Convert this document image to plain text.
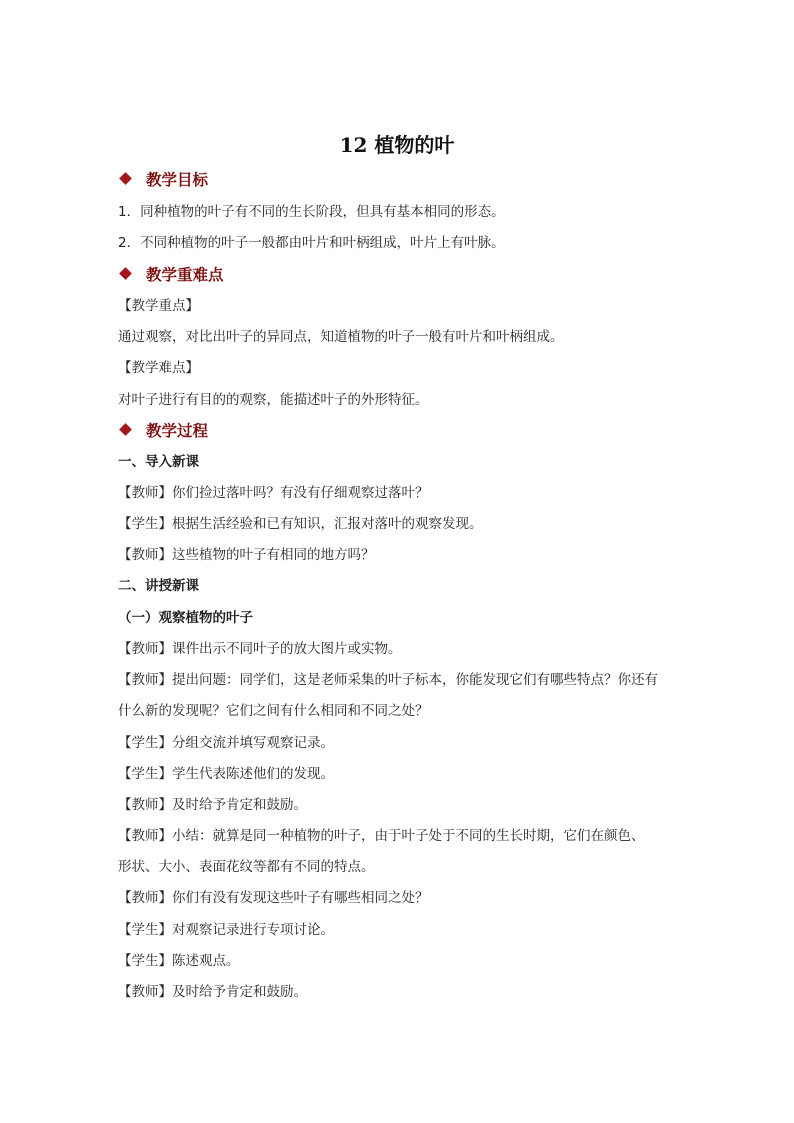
12 植物的叶
教学目标
1．同种植物的叶子有不同的生长阶段，但具有基本相同的形态。
2．不同种植物的叶子一般都由叶片和叶柄组成，叶片上有叶脉。
教学重难点
【教学重点】
通过观察，对比出叶子的异同点，知道植物的叶子一般有叶片和叶柄组成。
【教学难点】
对叶子进行有目的的观察，能描述叶子的外形特征。
教学过程
一、导入新课
【教师】你们捡过落叶吗？有没有仔细观察过落叶？
【学生】根据生活经验和已有知识，汇报对落叶的观察发现。
【教师】这些植物的叶子有相同的地方吗？
二、讲授新课
（一）观察植物的叶子
【教师】课件出示不同叶子的放大图片或实物。
【教师】提出问题：同学们，这是老师采集的叶子标本，你能发现它们有哪些特点？你还有
什么新的发现呢？它们之间有什么相同和不同之处？
【学生】分组交流并填写观察记录。
【学生】学生代表陈述他们的发现。
【教师】及时给予肯定和鼓励。
【教师】小结：就算是同一种植物的叶子，由于叶子处于不同的生长时期，它们在颜色、
形状、大小、表面花纹等都有不同的特点。
【教师】你们有没有发现这些叶子有哪些相同之处？
【学生】对观察记录进行专项讨论。
【学生】陈述观点。
【教师】及时给予肯定和鼓励。
